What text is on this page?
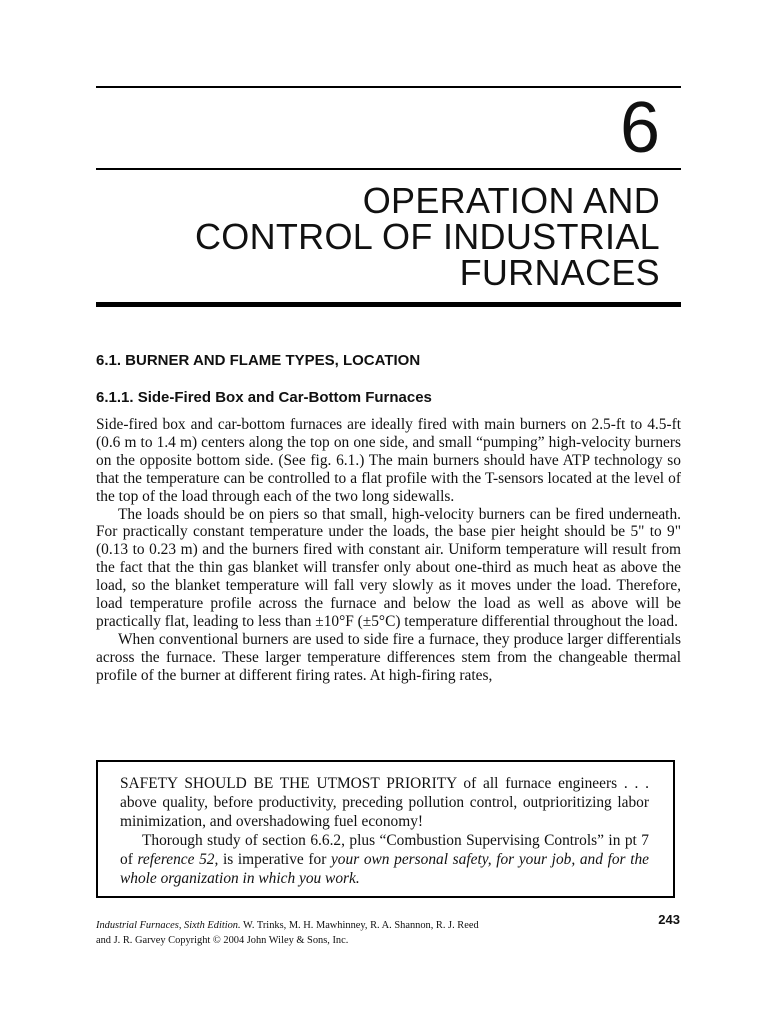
6
OPERATION AND
CONTROL OF INDUSTRIAL
FURNACES
6.1. BURNER AND FLAME TYPES, LOCATION
6.1.1. Side-Fired Box and Car-Bottom Furnaces

Side-fired box and car-bottom furnaces are ideally fired with main burners on 2.5-ft to 4.5-ft (0.6 m to 1.4 m) centers along the top on one side, and small “pumping” high-velocity burners on the opposite bottom side. (See fig. 6.1.) The main burners should have ATP technology so that the temperature can be controlled to a flat profile with the T-sensors located at the level of the top of the load through each of the two long sidewalls.

The loads should be on piers so that small, high-velocity burners can be fired underneath. For practically constant temperature under the loads, the base pier height should be 5" to 9" (0.13 to 0.23 m) and the burners fired with constant air. Uniform temperature will result from the fact that the thin gas blanket will transfer only about one-third as much heat as above the load, so the blanket temperature will fall very slowly as it moves under the load. Therefore, load temperature profile across the furnace and below the load as well as above will be practically flat, leading to less than ±10°F (±5°C) temperature differential throughout the load.

When conventional burners are used to side fire a furnace, they produce larger differentials across the furnace. These larger temperature differences stem from the changeable thermal profile of the burner at different firing rates. At high-firing rates,

SAFETY SHOULD BE THE UTMOST PRIORITY of all furnace engineers . . . above quality, before productivity, preceding pollution control, outprioritizing labor minimization, and overshadowing fuel economy!

Thorough study of section 6.6.2, plus “Combustion Supervising Controls” in pt 7 of reference 52, is imperative for your own personal safety, for your job, and for the whole organization in which you work.

Industrial Furnaces, Sixth Edition. W. Trinks, M. H. Mawhinney, R. A. Shannon, R. J. Reed
and J. R. Garvey Copyright © 2004 John Wiley & Sons, Inc.
243
